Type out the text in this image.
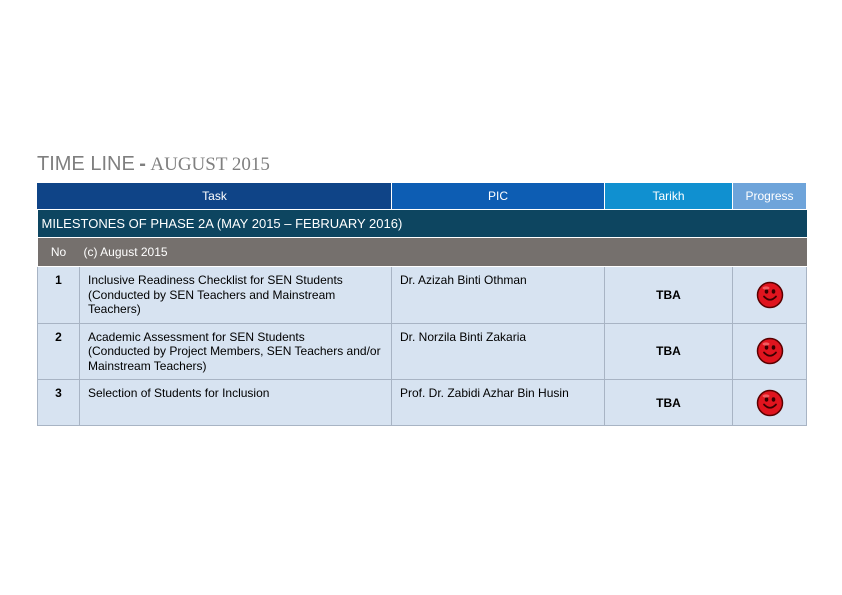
TIME LINE - AUGUST 2015
Task		PIC	Tarikh	Progress
MILESTONES OF PHASE 2A (MAY 2015 – FEBRUARY 2016)				
No	(c) August 2015			
1	Inclusive Readiness Checklist for SEN Students
(Conducted by SEN Teachers and Mainstream
Teachers)	Dr. Azizah Binti Othman	TBA	
2	Academic Assessment for SEN Students
(Conducted by Project Members, SEN Teachers and/or
Mainstream Teachers)	Dr. Norzila Binti Zakaria	TBA	
3	Selection of Students for Inclusion	Prof. Dr. Zabidi Azhar Bin Husin	TBA	
